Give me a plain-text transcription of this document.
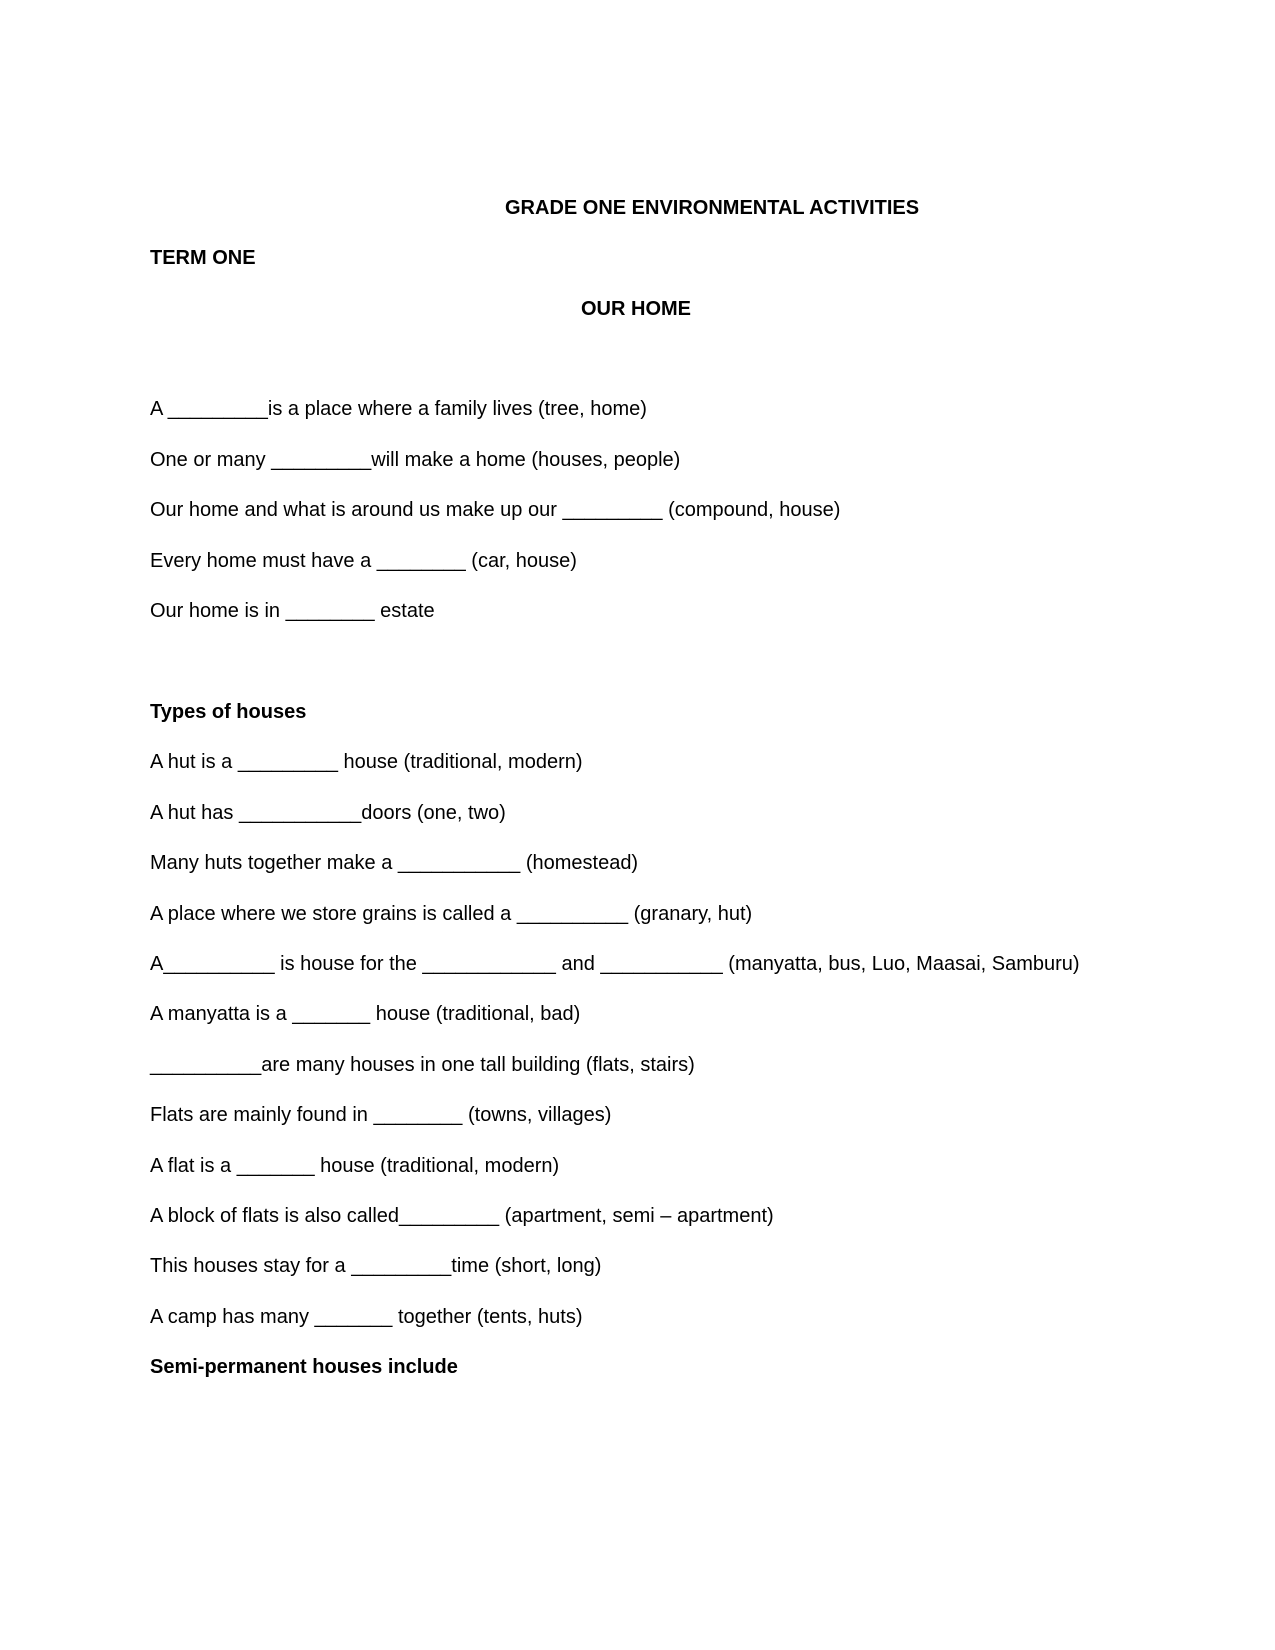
GRADE ONE ENVIRONMENTAL ACTIVITIES
TERM ONE
OUR HOME
A _________is a place where a family lives (tree, home)
One or many _________will make a home (houses, people)
Our home and what is around us make up our _________ (compound, house)
Every home must have a ________ (car, house)
Our home is in ________ estate
Types of houses
A hut is a _________ house (traditional, modern)
A hut has ___________doors (one, two)
Many huts together make a ___________ (homestead)
A place where we store grains is called a __________ (granary, hut)
A__________ is house for the ____________ and ___________ (manyatta, bus, Luo, Maasai, Samburu)
A manyatta is a _______ house (traditional, bad)
__________are many houses in one tall building (flats, stairs)
Flats are mainly found in ________ (towns, villages)
A flat is a _______ house (traditional, modern)
A block of flats is also called_________ (apartment, semi – apartment)
This houses stay for a _________time (short, long)
A camp has many _______ together (tents, huts)
Semi-permanent houses include
